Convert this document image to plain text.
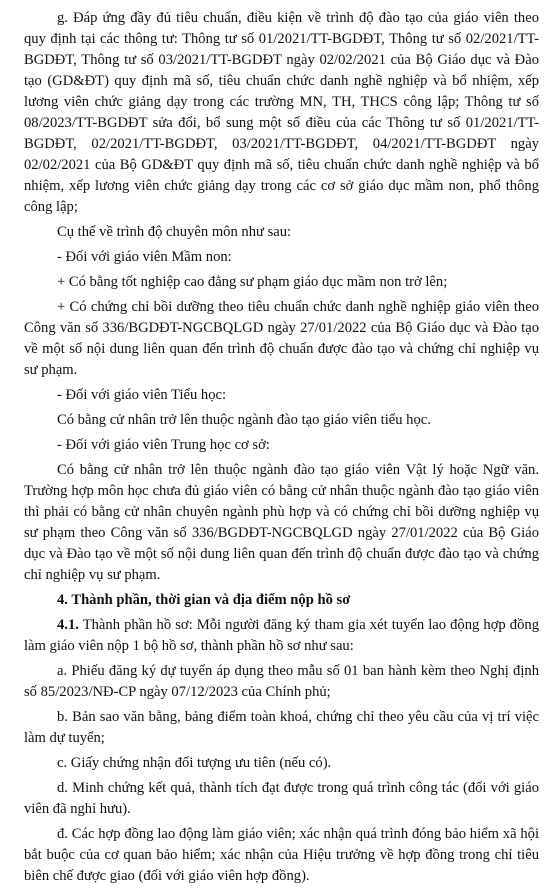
g. Đáp ứng đầy đủ tiêu chuẩn, điều kiện về trình độ đào tạo của giáo viên theo quy định tại các thông tư: Thông tư số 01/2021/TT-BGDĐT, Thông tư số 02/2021/TT-BGDĐT, Thông tư số 03/2021/TT-BGDĐT ngày 02/02/2021 của Bộ Giáo dục và Đào tạo (GD&ĐT) quy định mã số, tiêu chuẩn chức danh nghề nghiệp và bổ nhiệm, xếp lương viên chức giảng dạy trong các trường MN, TH, THCS công lập; Thông tư số 08/2023/TT-BGDĐT sửa đổi, bổ sung một số điều của các Thông tư số 01/2021/TT-BGDĐT, 02/2021/TT-BGDĐT, 03/2021/TT-BGDĐT, 04/2021/TT-BGDĐT ngày 02/02/2021 của Bộ GD&ĐT quy định mã số, tiêu chuẩn chức danh nghề nghiệp và bổ nhiệm, xếp lương viên chức giảng dạy trong các cơ sở giáo dục mầm non, phổ thông công lập;

Cụ thể về trình độ chuyên môn như sau:

- Đối với giáo viên Mầm non:

+ Có bằng tốt nghiệp cao đẳng sư phạm giáo dục mầm non trở lên;

+ Có chứng chỉ bồi dưỡng theo tiêu chuẩn chức danh nghề nghiệp giáo viên theo Công văn số 336/BGDĐT-NGCBQLGD ngày 27/01/2022 của Bộ Giáo dục và Đào tạo về một số nội dung liên quan đến trình độ chuẩn được đào tạo và chứng chỉ nghiệp vụ sư phạm.

- Đối với giáo viên Tiểu học:

Có bằng cử nhân trở lên thuộc ngành đào tạo giáo viên tiểu học.

- Đối với giáo viên Trung học cơ sở:

Có bằng cử nhân trở lên thuộc ngành đào tạo giáo viên Vật lý hoặc Ngữ văn. Trường hợp môn học chưa đủ giáo viên có bằng cử nhân thuộc ngành đào tạo giáo viên thì phải có bằng cử nhân chuyên ngành phù hợp và có chứng chỉ bồi dưỡng nghiệp vụ sư phạm theo Công văn số 336/BGDĐT-NGCBQLGD ngày 27/01/2022 của Bộ Giáo dục và Đào tạo về một số nội dung liên quan đến trình độ chuẩn được đào tạo và chứng chỉ nghiệp vụ sư phạm.

4. Thành phần, thời gian và địa điểm nộp hồ sơ

4.1. Thành phần hồ sơ: Mỗi người đăng ký tham gia xét tuyển lao động hợp đồng làm giáo viên nộp 1 bộ hồ sơ, thành phần hồ sơ như sau:

a. Phiếu đăng ký dự tuyển áp dụng theo mẫu số 01 ban hành kèm theo Nghị định số 85/2023/NĐ-CP ngày 07/12/2023 của Chính phủ;

b. Bản sao văn bằng, bảng điểm toàn khoá, chứng chỉ theo yêu cầu của vị trí việc làm dự tuyển;

c. Giấy chứng nhận đối tượng ưu tiên (nếu có).

d. Minh chứng kết quả, thành tích đạt được trong quá trình công tác (đối với giáo viên đã nghỉ hưu).

đ. Các hợp đồng lao động làm giáo viên; xác nhận quá trình đóng bảo hiểm xã hội bắt buộc của cơ quan bảo hiểm; xác nhận của Hiệu trưởng về hợp đồng trong chỉ tiêu biên chế được giao (đối với giáo viên hợp đồng).
